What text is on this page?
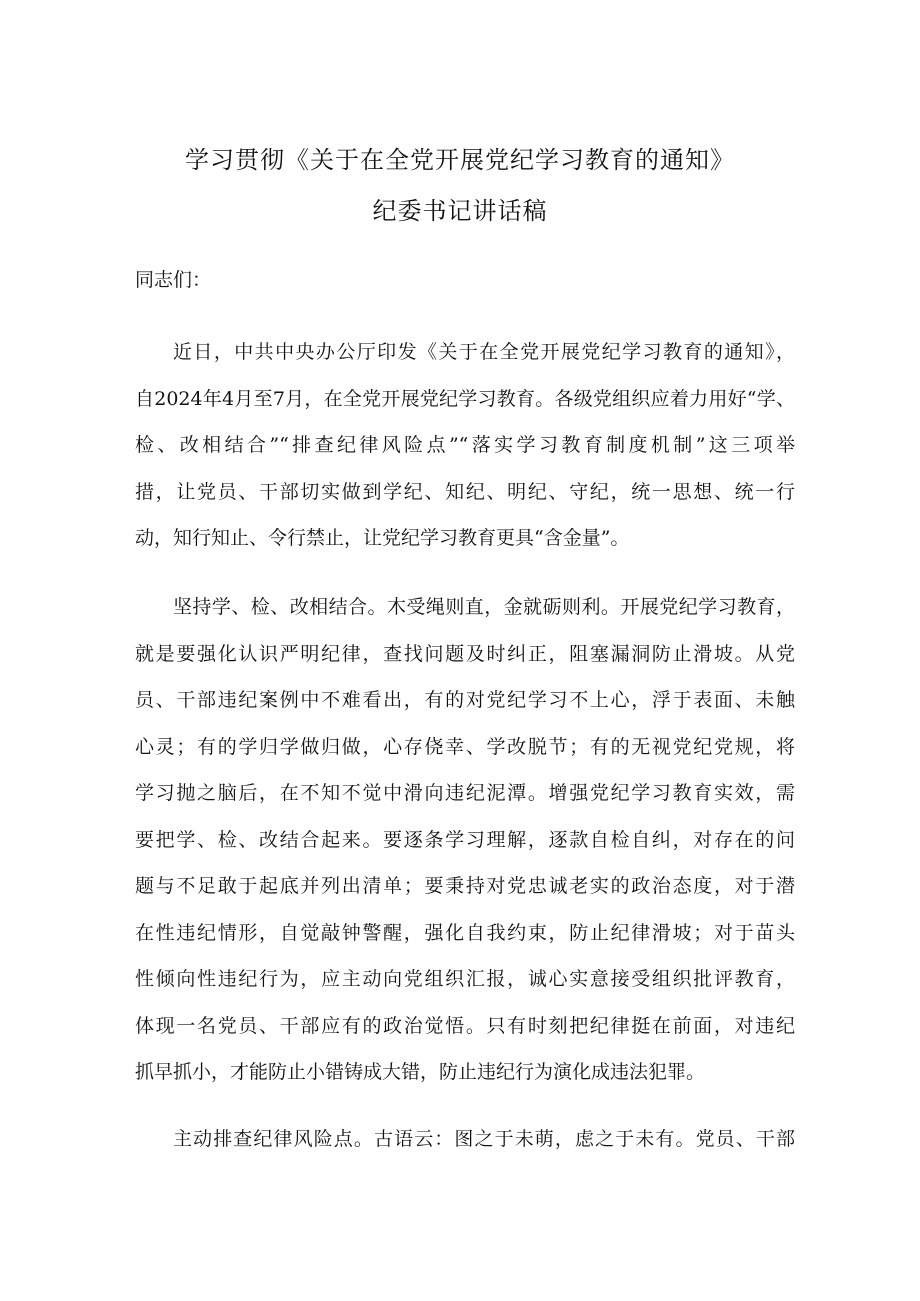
学习贯彻《关于在全党开展党纪学习教育的通知》
纪委书记讲话稿
同志们：
近日，中共中央办公厅印发《关于在全党开展党纪学习教育的通知》，
自2024年4月至7月，在全党开展党纪学习教育。各级党组织应着力用好“学、
检、改相结合”“排查纪律风险点”“落实学习教育制度机制”这三项举
措，让党员、干部切实做到学纪、知纪、明纪、守纪，统一思想、统一行
动，知行知止、令行禁止，让党纪学习教育更具“含金量”。
坚持学、检、改相结合。木受绳则直，金就砺则利。开展党纪学习教育，
就是要强化认识严明纪律，查找问题及时纠正，阻塞漏洞防止滑坡。从党
员、干部违纪案例中不难看出，有的对党纪学习不上心，浮于表面、未触
心灵；有的学归学做归做，心存侥幸、学改脱节；有的无视党纪党规，将
学习抛之脑后，在不知不觉中滑向违纪泥潭。增强党纪学习教育实效，需
要把学、检、改结合起来。要逐条学习理解，逐款自检自纠，对存在的问
题与不足敢于起底并列出清单；要秉持对党忠诚老实的政治态度，对于潜
在性违纪情形，自觉敲钟警醒，强化自我约束，防止纪律滑坡；对于苗头
性倾向性违纪行为，应主动向党组织汇报，诚心实意接受组织批评教育，
体现一名党员、干部应有的政治觉悟。只有时刻把纪律挺在前面，对违纪
抓早抓小，才能防止小错铸成大错，防止违纪行为演化成违法犯罪。
主动排查纪律风险点。古语云：图之于未萌，虑之于未有。党员、干部
